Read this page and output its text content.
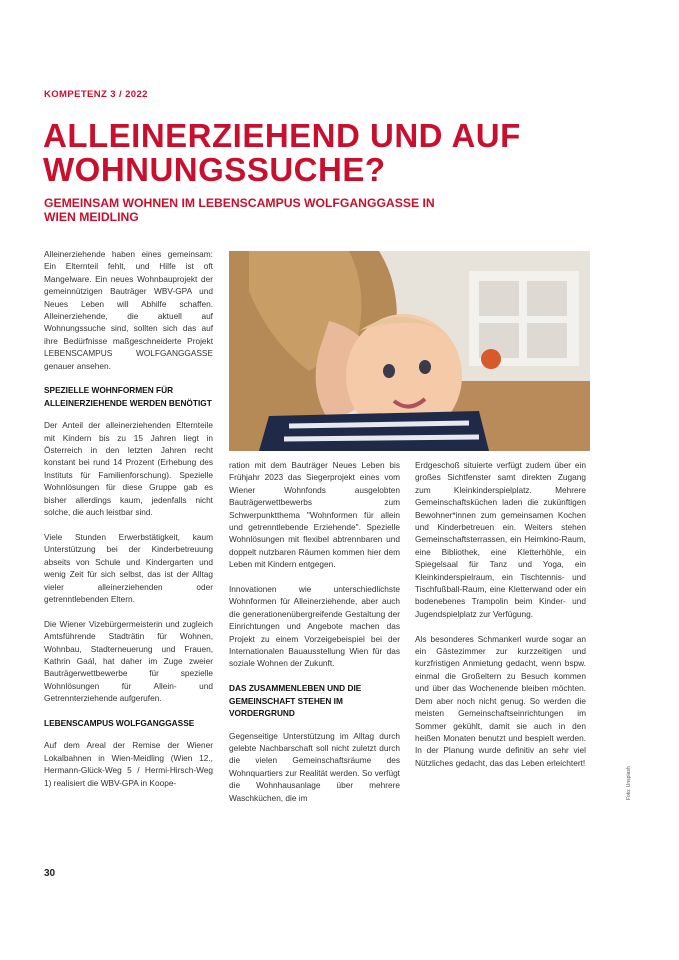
KOMPETENZ 3 / 2022
ALLEINERZIEHEND UND AUF WOHNUNGSSUCHE?
GEMEINSAM WOHNEN IM LEBENSCAMPUS WOLFGANGGASSE IN WIEN MEIDLING

Alleinerziehende haben eines gemeinsam: Ein Elternteil fehlt, und Hilfe ist oft Mangelware. Ein neues Wohnbauprojekt der gemeinnützigen Bauträger WBV-GPA und Neues Leben will Abhilfe schaffen. Alleinerziehende, die aktuell auf Wohnungssuche sind, sollten sich das auf ihre Bedürfnisse maßgeschneiderte Projekt LEBENSCAMPUS WOLFGANGGASSE genauer ansehen.

SPEZIELLE WOHNFORMEN FÜR ALLEINERZIEHENDE WERDEN BENÖTIGT

Der Anteil der alleinerziehenden Elternteile mit Kindern bis zu 15 Jahren liegt in Österreich in den letzten Jahren recht konstant bei rund 14 Prozent (Erhebung des Instituts für Familienforschung). Spezielle Wohnlösungen für diese Gruppe gab es bisher allerdings kaum, jedenfalls nicht solche, die auch leistbar sind.

Viele Stunden Erwerbstätigkeit, kaum Unterstützung bei der Kinderbetreuung abseits von Schule und Kindergarten und wenig Zeit für sich selbst, das ist der Alltag vieler alleinerziehenden oder getrenntlebenden Eltern.

Die Wiener Vizebürgermeisterin und zugleich Amtsführende Stadträtin für Wohnen, Wohnbau, Stadterneuerung und Frauen, Kathrin Gaál, hat daher im Zuge zweier Bauträgerwettbewerbe für spezielle Wohnlösungen für Allein- und Getrennterziehende aufgerufen.

LEBENSCAMPUS WOLFGANGGASSE

Auf dem Areal der Remise der Wiener Lokalbahnen in Wien-Meidling (Wien 12., Hermann-Glück-Weg 5 / Hermi-Hirsch-Weg 1) realisiert die WBV-GPA in Koope-

ration mit dem Bauträger Neues Leben bis Frühjahr 2023 das Siegerprojekt eines vom Wiener Wohnfonds ausgelobten Bauträgerwettbewerbs zum Schwerpunktthema "Wohnformen für allein und getrenntlebende Erziehende". Spezielle Wohnlösungen mit flexibel abtrennbaren und doppelt nutzbaren Räumen kommen hier dem Leben mit Kindern entgegen.

Innovationen wie unterschiedlichste Wohnformen für Alleinerziehende, aber auch die generationenübergreifende Gestaltung der Einrichtungen und Angebote machen das Projekt zu einem Vorzeigebeispiel bei der Internationalen Bauausstellung Wien für das soziale Wohnen der Zukunft.

DAS ZUSAMMENLEBEN UND DIE GEMEINSCHAFT STEHEN IM VORDERGRUND

Gegenseitige Unterstützung im Alltag durch gelebte Nachbarschaft soll nicht zuletzt durch die vielen Gemeinschaftsräume des Wohnquartiers zur Realität werden. So verfügt die Wohnhausanlage über mehrere Waschküchen, die im

Erdgeschoß situierte verfügt zudem über ein großes Sichtfenster samt direkten Zugang zum Kleinkinderspielplatz. Mehrere Gemeinschaftsküchen laden die zukünftigen Bewohner*innen zum gemeinsamen Kochen und Kinderbetreuen ein. Weiters stehen Gemeinschaftsterrassen, ein Heimkino-Raum, eine Bibliothek, eine Kletterhöhle, ein Spiegelsaal für Tanz und Yoga, ein Kleinkinderspielraum, ein Tischtennis- und Tischfußball-Raum, eine Kletterwand oder ein bodenebenes Trampolin beim Kinder- und Jugendspielplatz zur Verfügung.

Als besonderes Schmankerl wurde sogar an ein Gästezimmer zur kurzzeitigen und kurzfristigen Anmietung gedacht, wenn bspw. einmal die Großeltern zu Besuch kommen und über das Wochenende bleiben möchten. Dem aber noch nicht genug. So werden die meisten Gemeinschaftseinrichtungen im Sommer gekühlt, damit sie auch in den heißen Monaten benutzt und bespielt werden. In der Planung wurde definitiv an sehr viel Nützliches gedacht, das das Leben erleichtert!

Foto: Unsplash
30
